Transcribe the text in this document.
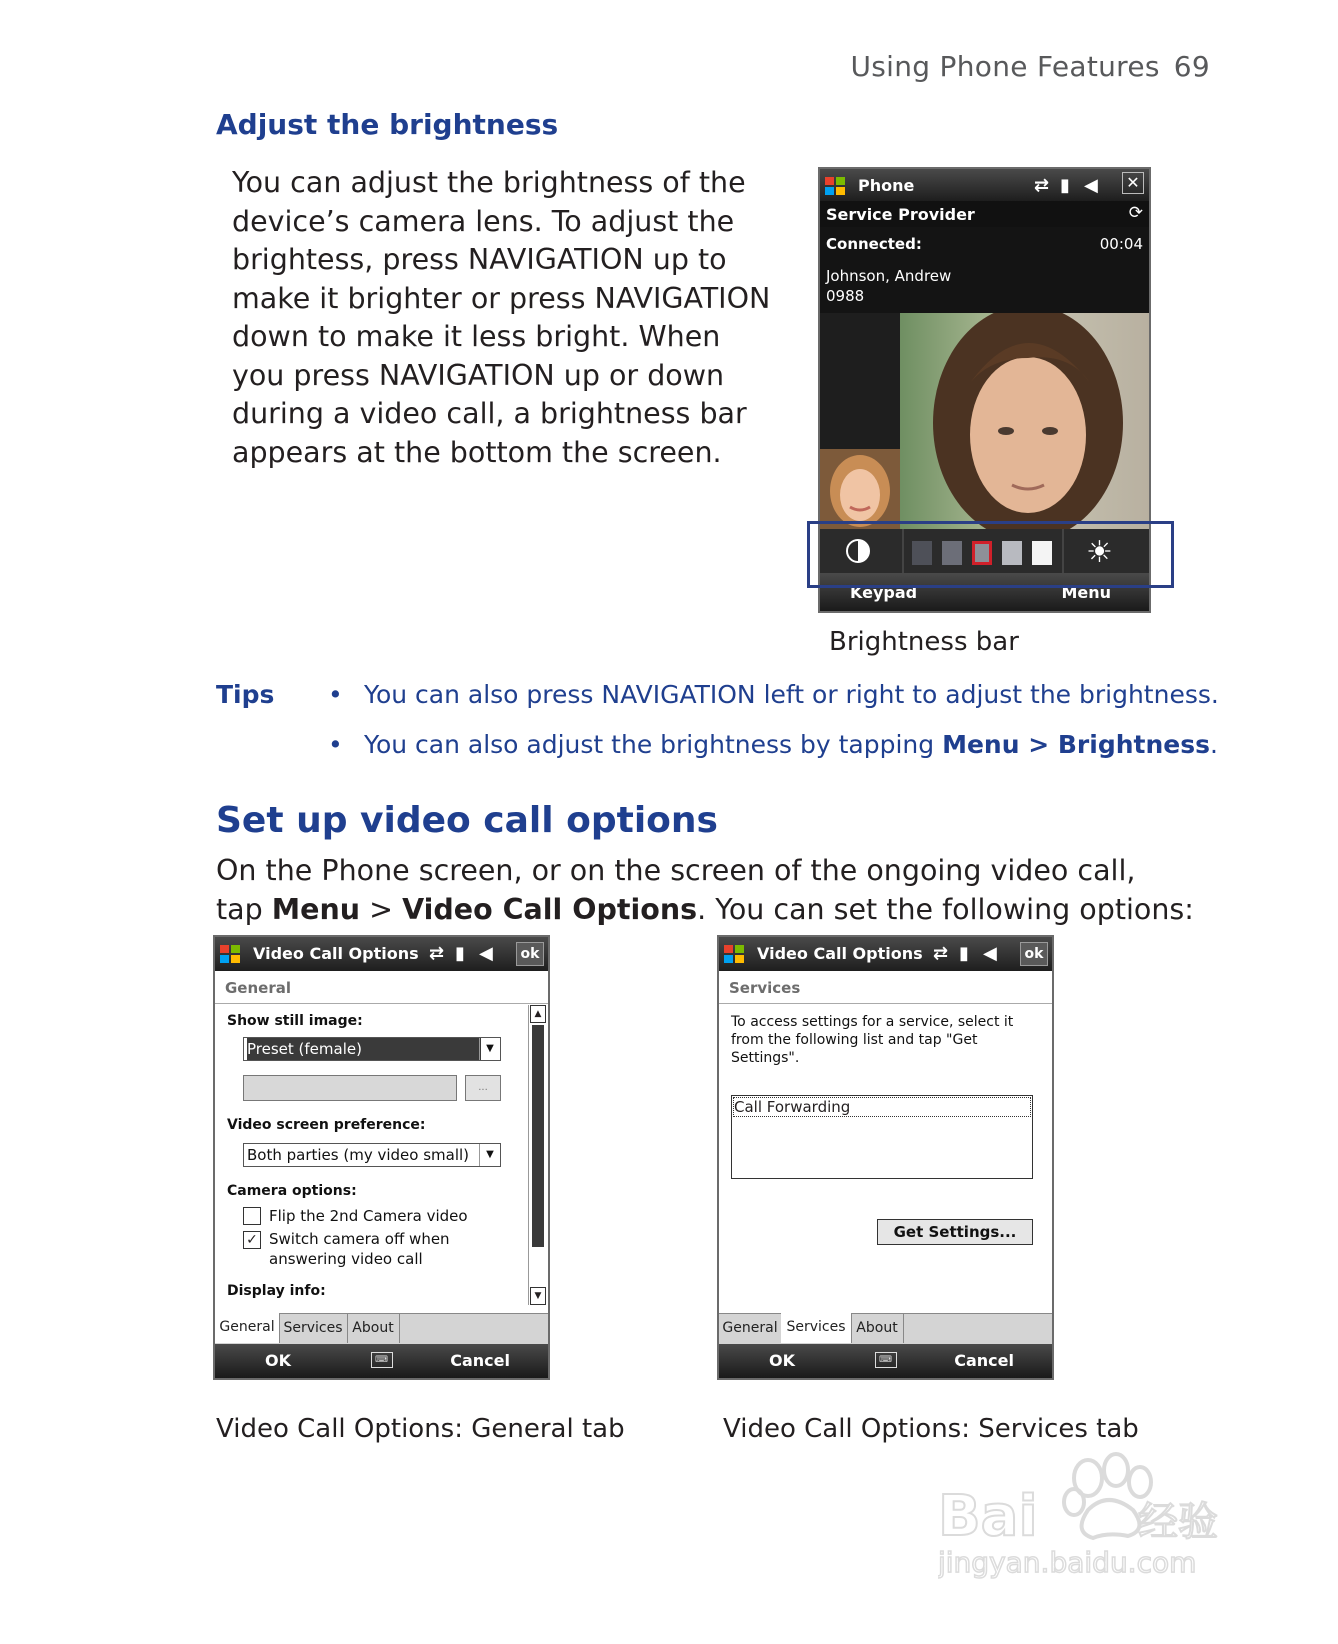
Using Phone Features 69
Adjust the brightness

You can adjust the brightness of the device’s camera lens. To adjust the brightess, press NAVIGATION up to make it brighter or press NAVIGATION down to make it less bright. When you press NAVIGATION up or down during a video call, a brightness bar appears at the bottom the screen.

Phone	⇄ ▮ ◀ ✕
Service Provider	⟳
Connected:	00:04
Johnson, Andrew
0988
☀
Keypad	Menu
Brightness bar
Tips • You can also press NAVIGATION left or right to adjust the brightness.
• You can also adjust the brightness by tapping Menu > Brightness.
Set up video call options

On the Phone screen, or on the screen of the ongoing video call,

tap Menu > Video Call Options. You can set the following options:

Video Call Options ⇄ ▮ ◀	ok
General
Show still image:
Preset (female)	▼
...
Video screen preference:
Both parties (my video small)	▼
Camera options:
Flip the 2nd Camera video
✓ Switch camera off when
answering video call
Display info:
▲
▼
General Services About
OK	⌨	Cancel
Video Call Options: General tab
Video Call Options ⇄ ▮ ◀	ok
Services
To access settings for a service, select it
from the following list and tap "Get
Settings".
Call Forwarding
Get Settings...
General Services About
OK	⌨	Cancel
Video Call Options: Services tab
Bai	经验
jingyan.baidu.com
